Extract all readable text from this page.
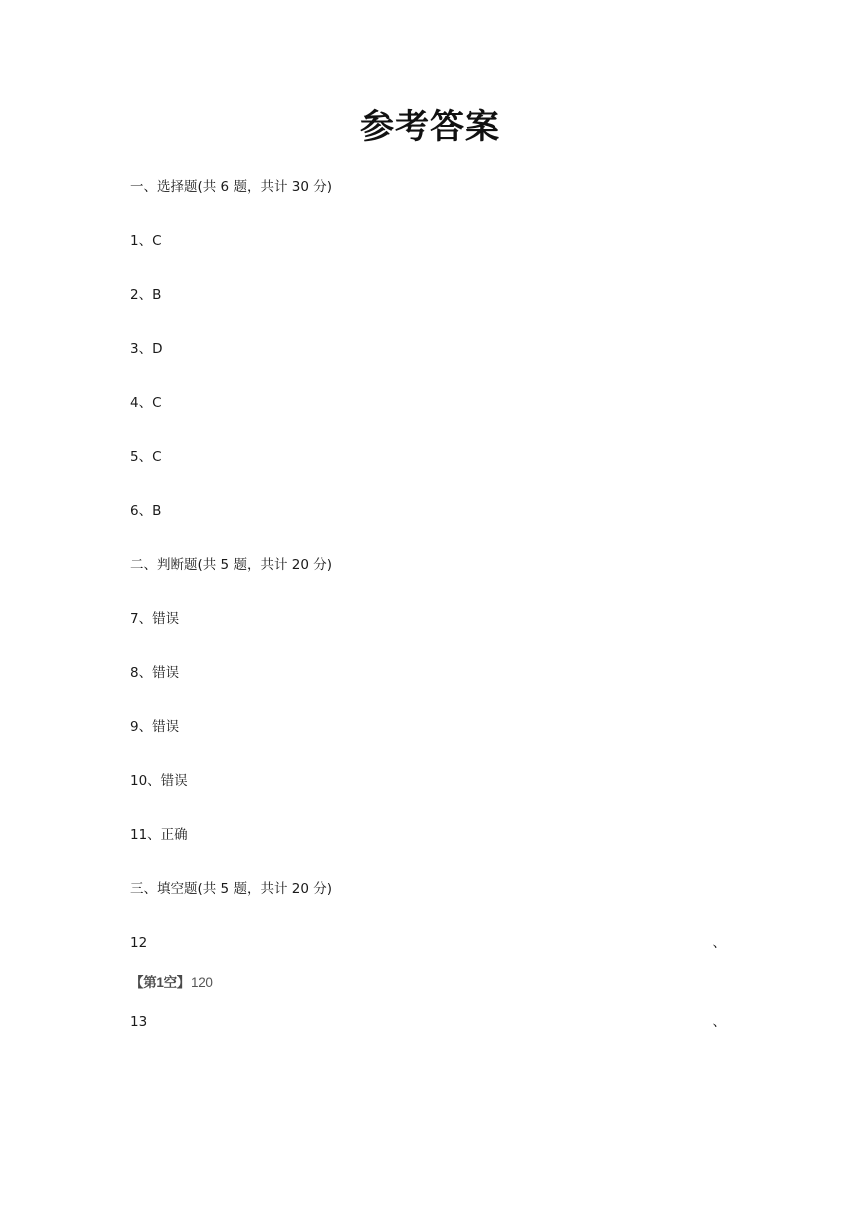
参考答案
一、选择题(共 6 题，共计 30 分)
1、C
2、B
3、D
4、C
5、C
6、B
二、判断题(共 5 题，共计 20 分)
7、错误
8、错误
9、错误
10、错误
11、正确
三、填空题(共 5 题，共计 20 分)
12	、
【第1空】120
13	、
